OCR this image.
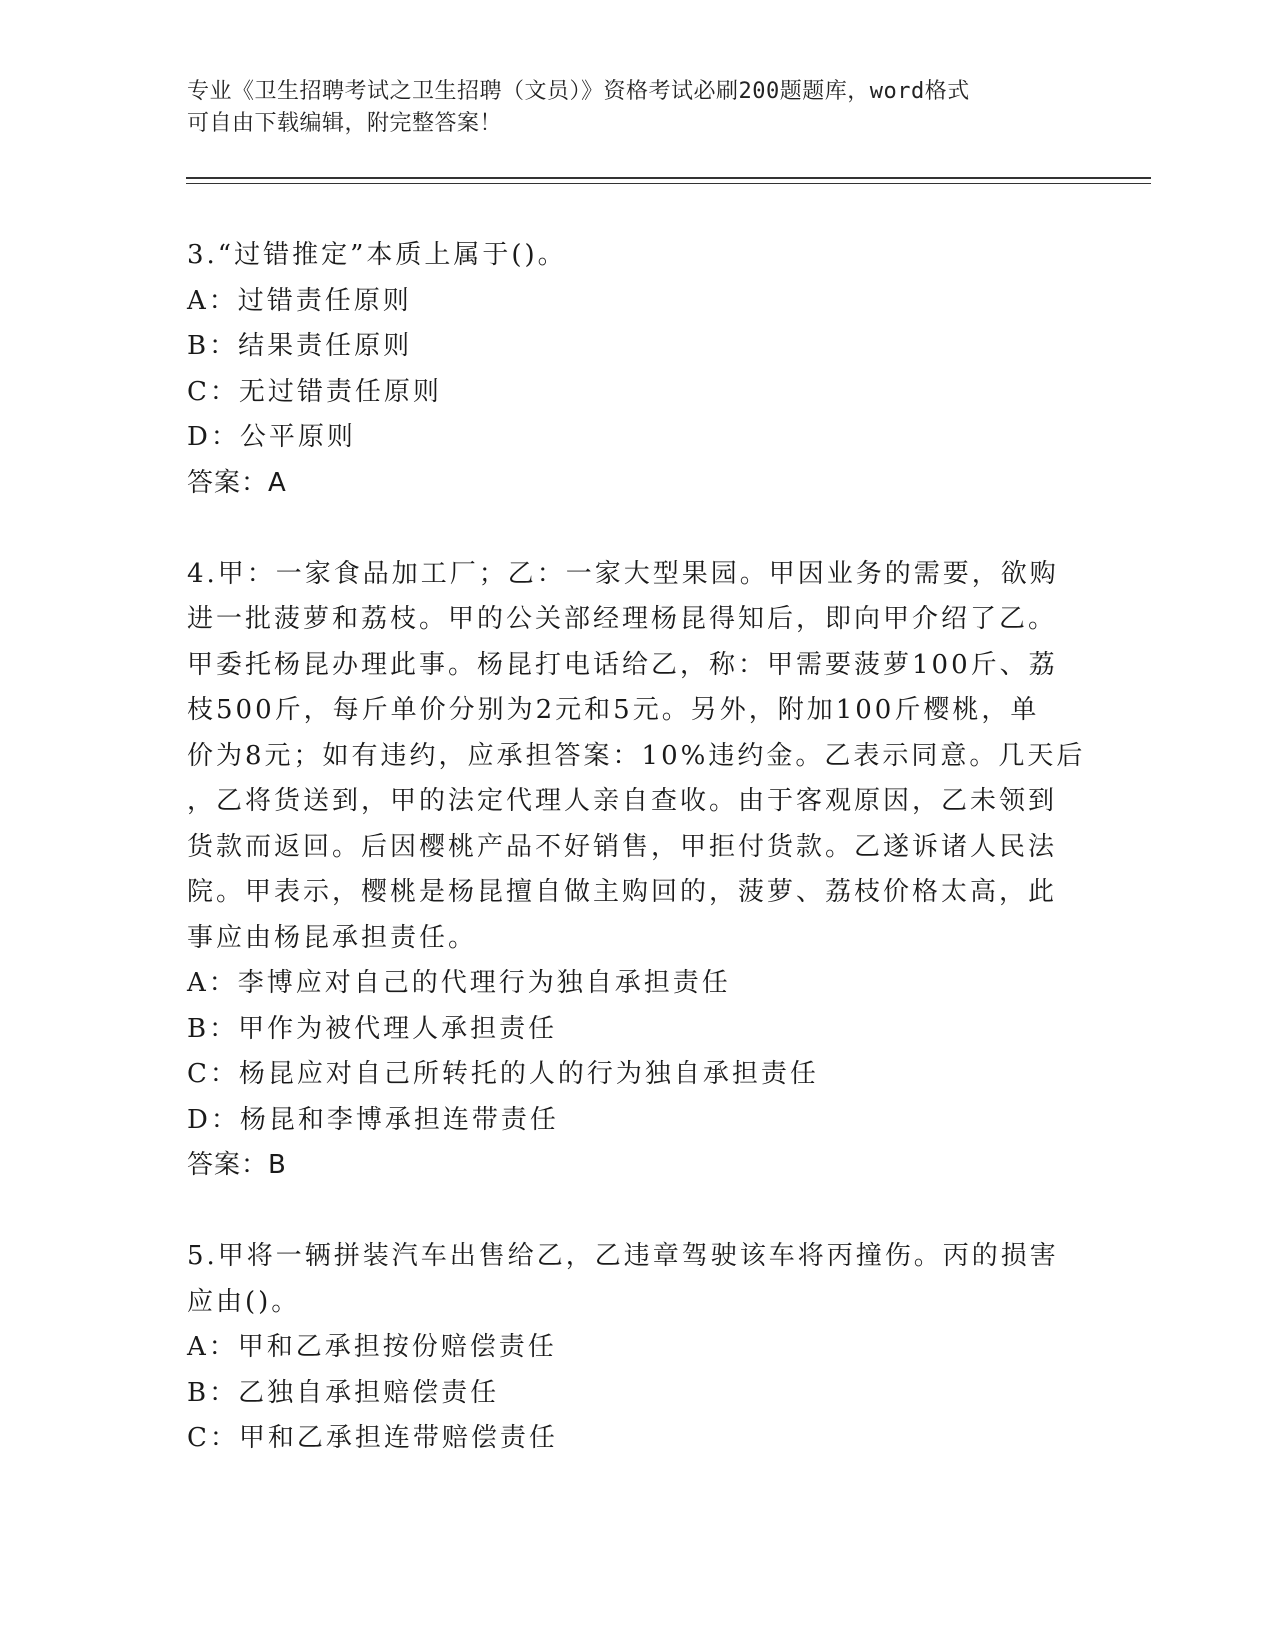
专业《卫生招聘考试之卫生招聘（文员）》资格考试必刷200题题库，word格式
可自由下载编辑，附完整答案！
3.“过错推定”本质上属于()。
A：过错责任原则
B：结果责任原则
C：无过错责任原则
D：公平原则
答案：A
4.甲：一家食品加工厂；乙：一家大型果园。甲因业务的需要，欲购
进一批菠萝和荔枝。甲的公关部经理杨昆得知后，即向甲介绍了乙。
甲委托杨昆办理此事。杨昆打电话给乙，称：甲需要菠萝100斤、荔
枝500斤，每斤单价分别为2元和5元。另外，附加100斤樱桃，单
价为8元；如有违约，应承担答案：10%违约金。乙表示同意。几天后
，乙将货送到，甲的法定代理人亲自查收。由于客观原因，乙未领到
货款而返回。后因樱桃产品不好销售，甲拒付货款。乙遂诉诸人民法
院。甲表示，樱桃是杨昆擅自做主购回的，菠萝、荔枝价格太高，此
事应由杨昆承担责任。
A：李博应对自己的代理行为独自承担责任
B：甲作为被代理人承担责任
C：杨昆应对自己所转托的人的行为独自承担责任
D：杨昆和李博承担连带责任
答案：B
5.甲将一辆拼装汽车出售给乙，乙违章驾驶该车将丙撞伤。丙的损害
应由()。
A：甲和乙承担按份赔偿责任
B：乙独自承担赔偿责任
C：甲和乙承担连带赔偿责任
